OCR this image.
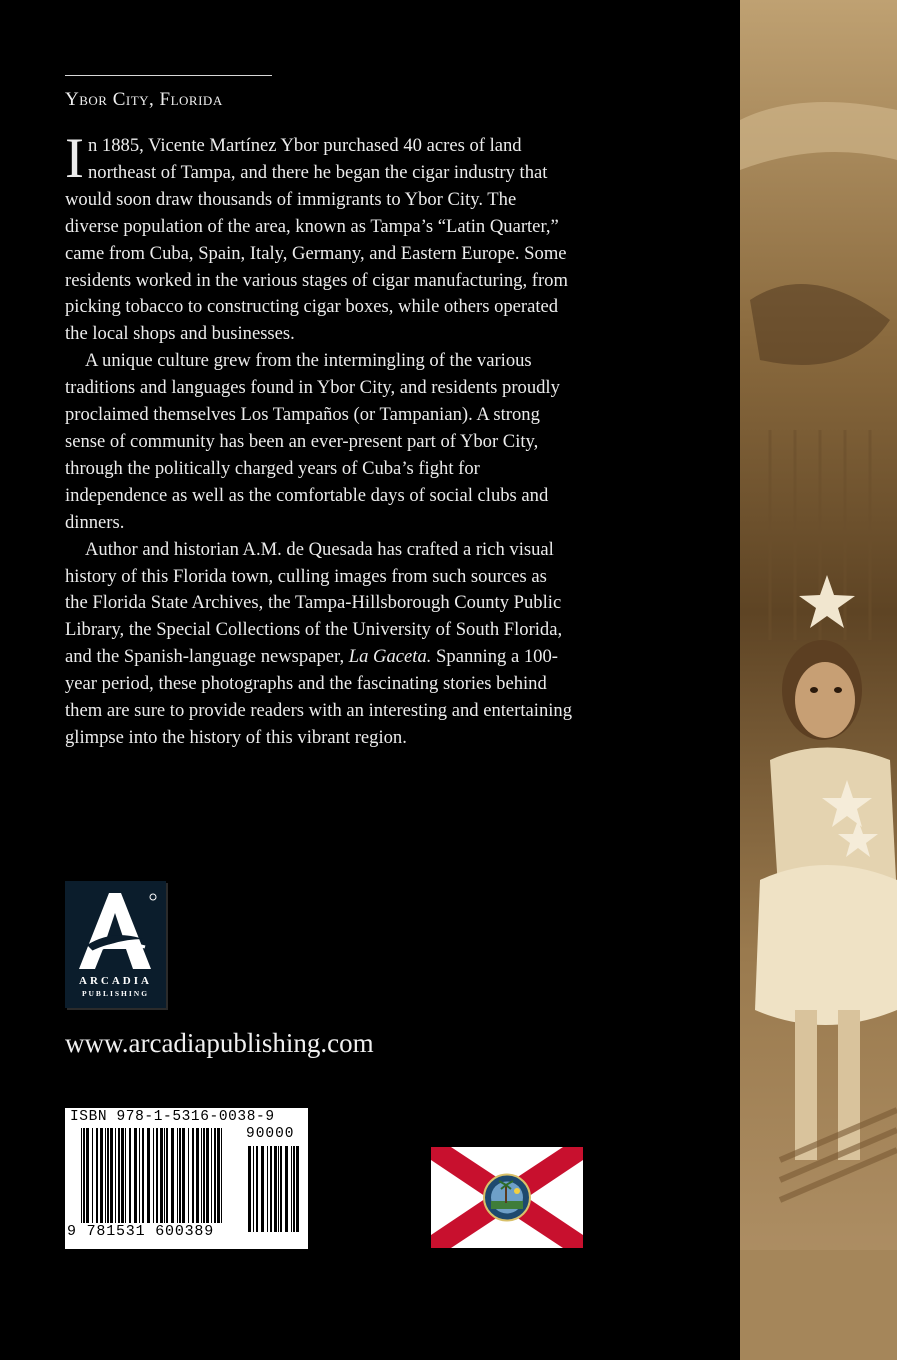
Ybor City, Florida

In 1885, Vicente Martínez Ybor purchased 40 acres of land northeast of Tampa, and there he began the cigar industry that would soon draw thousands of immigrants to Ybor City. The diverse population of the area, known as Tampa’s “Latin Quarter,” came from Cuba, Spain, Italy, Germany, and Eastern Europe. Some residents worked in the various stages of cigar manufacturing, from picking tobacco to constructing cigar boxes, while others operated the local shops and businesses.

A unique culture grew from the intermingling of the various traditions and languages found in Ybor City, and residents proudly proclaimed themselves Los Tampaños (or Tampanian). A strong sense of community has been an ever-present part of Ybor City, through the politically charged years of Cuba’s fight for independence as well as the comfortable days of social clubs and dinners.

Author and historian A.M. de Quesada has crafted a rich visual history of this Florida town, culling images from such sources as the Florida State Archives, the Tampa-Hillsborough County Public Library, the Special Collections of the University of South Florida, and the Spanish-language newspaper, La Gaceta. Spanning a 100-year period, these photographs and the fascinating stories behind them are sure to provide readers with an interesting and entertaining glimpse into the history of this vibrant region.

ARCADIA
PUBLISHING

www.arcadiapublishing.com

ISBN 978-1-5316-0038-9
90000
9 781531 600389
